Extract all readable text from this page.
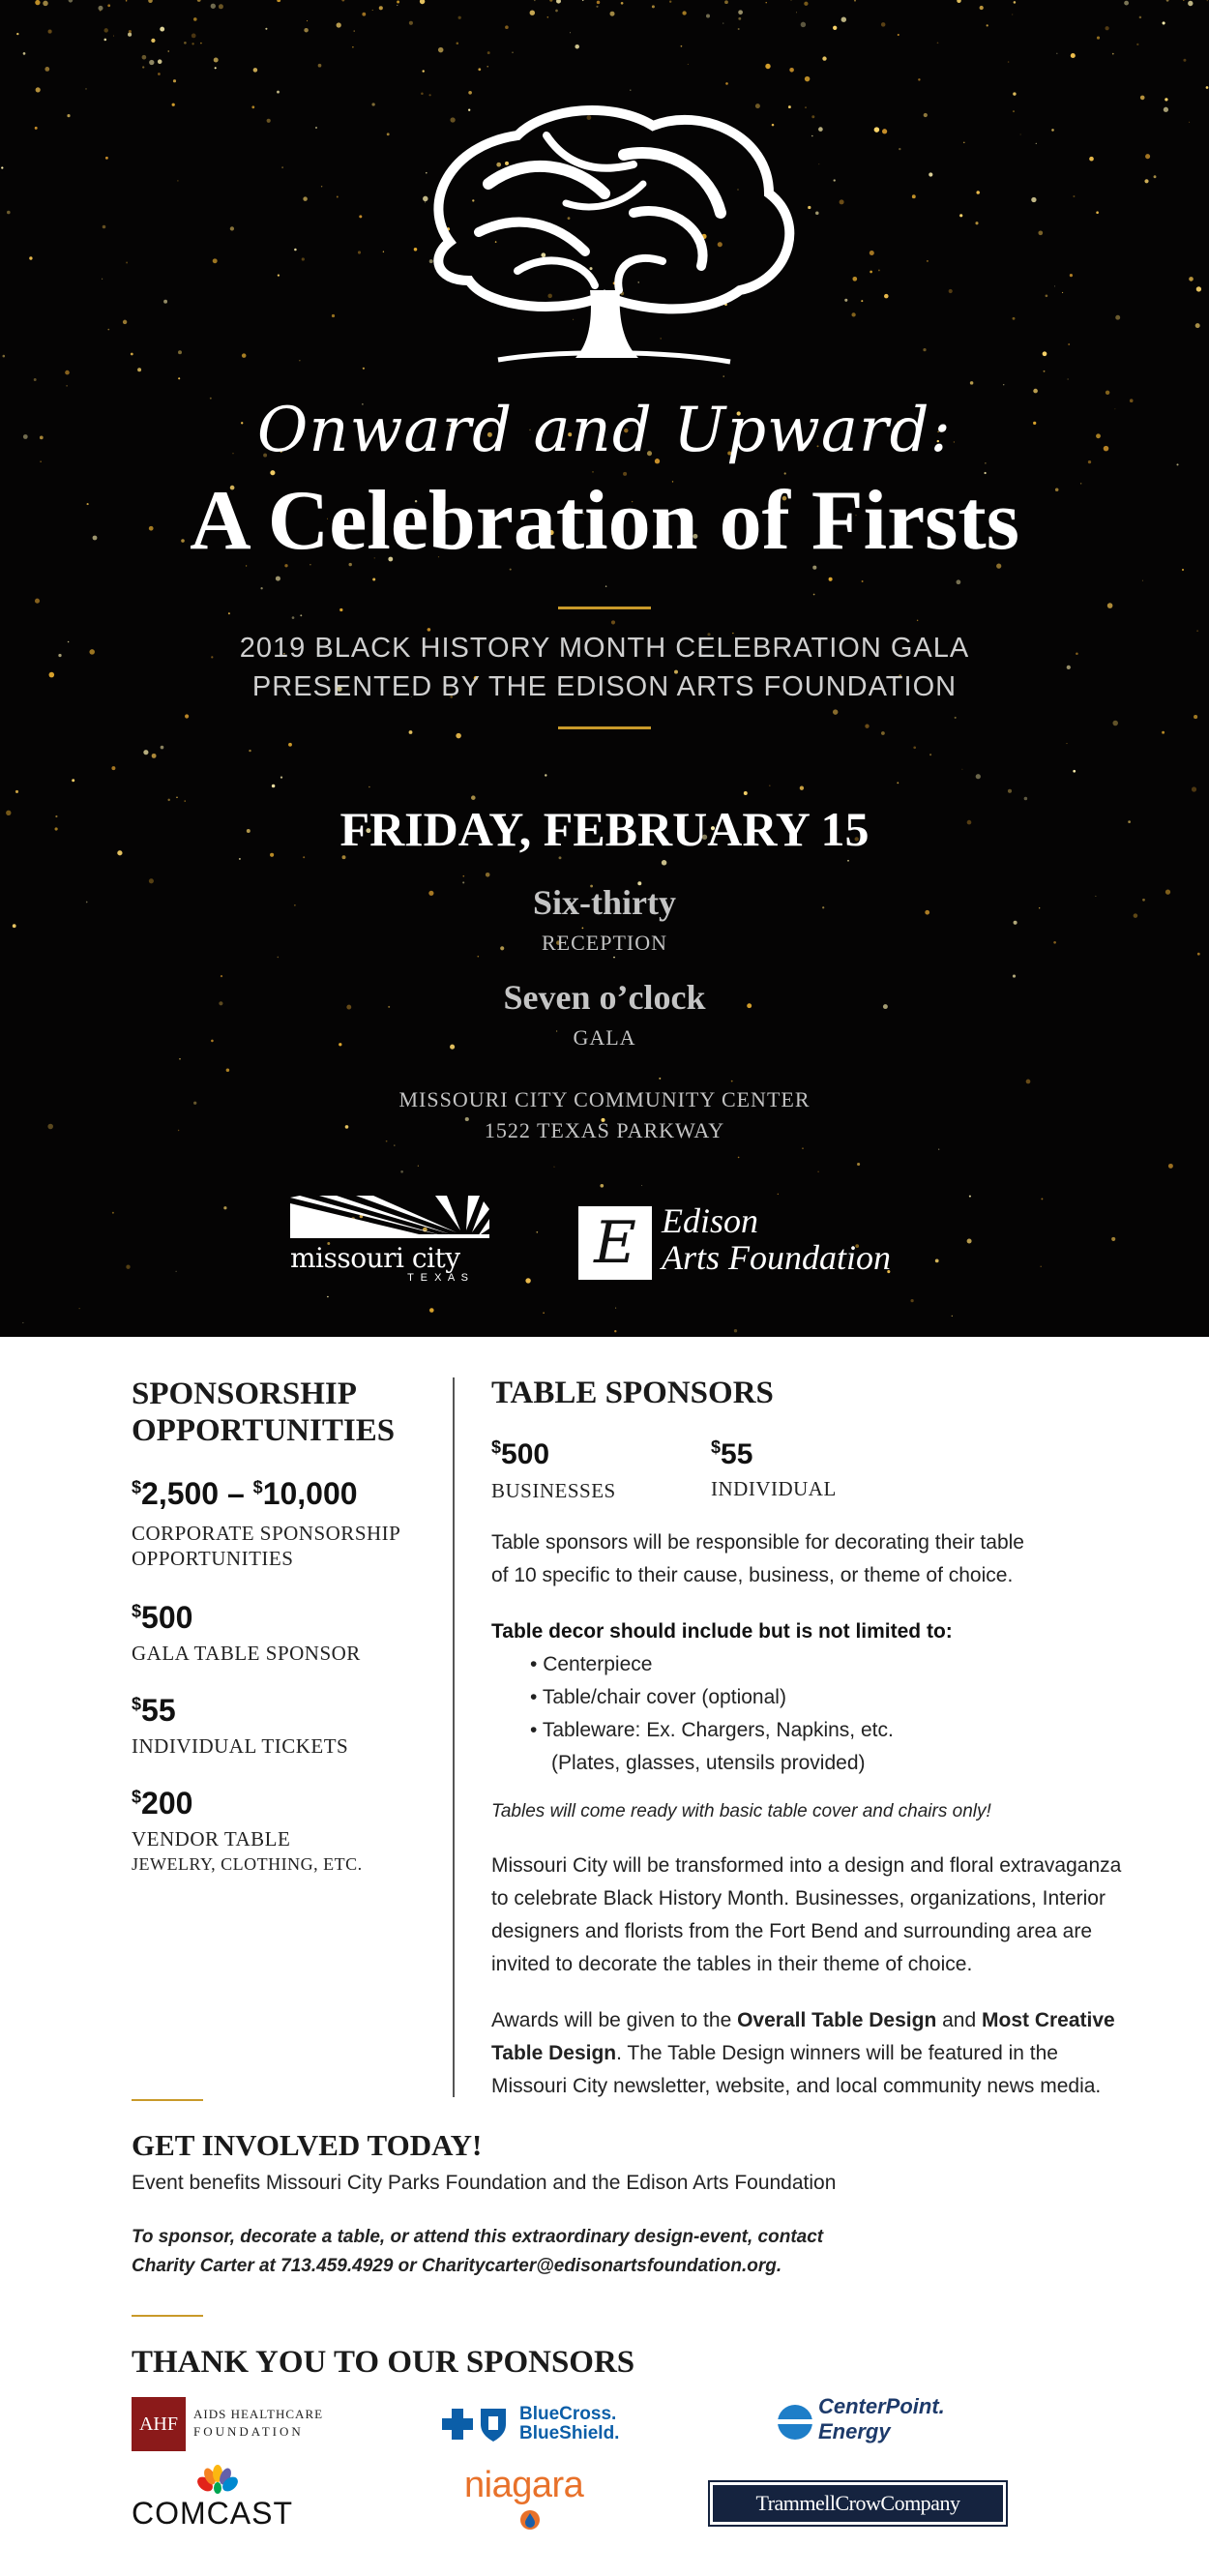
Onward and Upward:
A Celebration of Firsts
2019 BLACK HISTORY MONTH CELEBRATION GALA
PRESENTED BY THE EDISON ARTS FOUNDATION
FRIDAY, FEBRUARY 15
Six-thirty
RECEPTION
Seven o’clock
GALA
MISSOURI CITY COMMUNITY CENTER
1522 TEXAS PARKWAY
missouri city
T E X A S
E Edison
Arts Foundation
SPONSORSHIP
OPPORTUNITIES
$2,500 – $10,000
CORPORATE SPONSORSHIP
OPPORTUNITIES
$500
GALA TABLE SPONSOR
$55
INDIVIDUAL TICKETS
$200
VENDOR TABLE
JEWELRY, CLOTHING, ETC.
TABLE SPONSORS
$500
BUSINESSES
$55
INDIVIDUAL
Table sponsors will be responsible for decorating their table
of 10 specific to their cause, business, or theme of choice.
Table decor should include but is not limited to:
• Centerpiece
• Table/chair cover (optional)
• Tableware: Ex. Chargers, Napkins, etc.
(Plates, glasses, utensils provided)
Tables will come ready with basic table cover and chairs only!
Missouri City will be transformed into a design and floral extravaganza
to celebrate Black History Month. Businesses, organizations, Interior
designers and florists from the Fort Bend and surrounding area are
invited to decorate the tables in their theme of choice.
Awards will be given to the Overall Table Design and Most Creative
Table Design. The Table Design winners will be featured in the
Missouri City newsletter, website, and local community news media.
GET INVOLVED TODAY!
Event benefits Missouri City Parks Foundation and the Edison Arts Foundation
To sponsor, decorate a table, or attend this extraordinary design-event, contact
Charity Carter at 713.459.4929 or Charitycarter@edisonartsfoundation.org.
THANK YOU TO OUR SPONSORS
AHF	AIDS HEALTHCARE
FOUNDATION
BlueCross.
BlueShield.
CenterPoint.
Energy
COMCAST
niagara	TrammellCrowCompany
